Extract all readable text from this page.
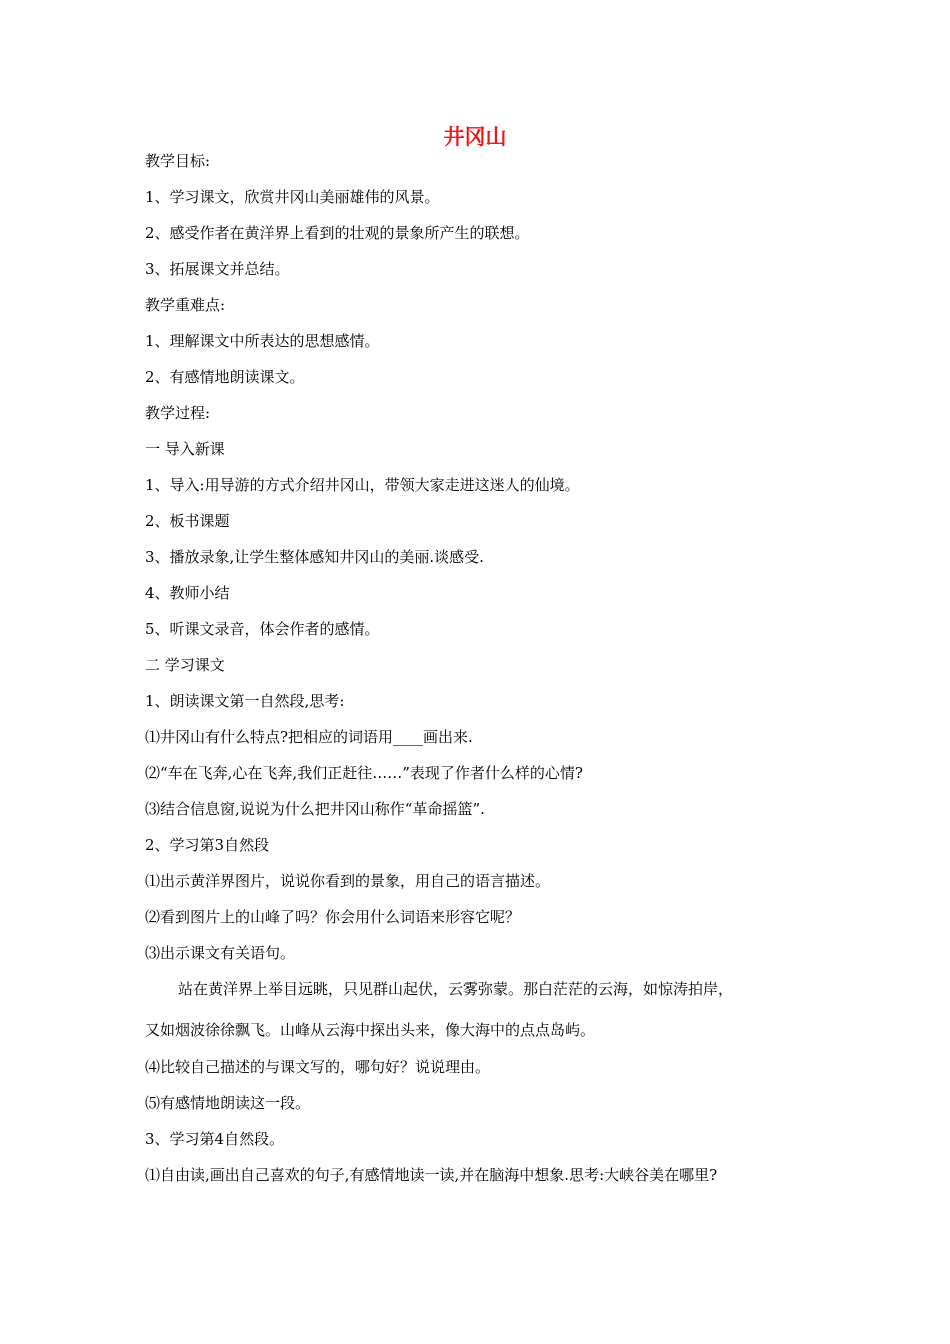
井冈山
教学目标:
1、学习课文，欣赏井冈山美丽雄伟的风景。
2、感受作者在黄洋界上看到的壮观的景象所产生的联想。
3、拓展课文并总结。
教学重难点:
1、理解课文中所表达的思想感情。
2、有感情地朗读课文。
教学过程:
一 导入新课
1、导入:用导游的方式介绍井冈山，带领大家走进这迷人的仙境。
2、板书课题
3、播放录象,让学生整体感知井冈山的美丽.谈感受.
4、教师小结
5、听课文录音，体会作者的感情。
二 学习课文
1、朗读课文第一自然段,思考:
⑴井冈山有什么特点?把相应的词语用____画出来.
⑵“车在飞奔,心在飞奔,我们正赶往……”表现了作者什么样的心情?
⑶结合信息窗,说说为什么把井冈山称作“革命摇篮”.
2、学习第3自然段
⑴出示黄洋界图片，说说你看到的景象，用自己的语言描述。
⑵看到图片上的山峰了吗？你会用什么词语来形容它呢？
⑶出示课文有关语句。
站在黄洋界上举目远眺，只见群山起伏，云雾弥蒙。那白茫茫的云海，如惊涛拍岸，
又如烟波徐徐飘飞。山峰从云海中探出头来，像大海中的点点岛屿。
⑷比较自己描述的与课文写的，哪句好？说说理由。
⑸有感情地朗读这一段。
3、学习第4自然段。
⑴自由读,画出自己喜欢的句子,有感情地读一读,并在脑海中想象.思考:大峡谷美在哪里?
